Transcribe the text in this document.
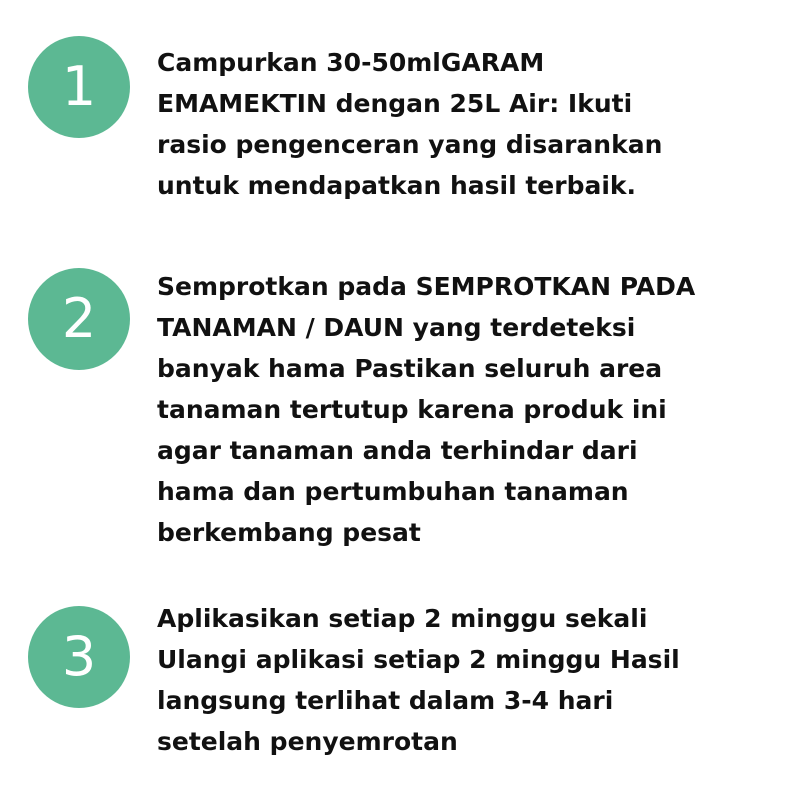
1 Campurkan 30-50mlGARAM
EMAMEKTIN dengan 25L Air: Ikuti
rasio pengenceran yang disarankan
untuk mendapatkan hasil terbaik.

2

Semprotkan pada SEMPROTKAN PADA
TANAMAN / DAUN yang terdeteksi
banyak hama Pastikan seluruh area
tanaman tertutup karena produk ini
agar tanaman anda terhindar dari
hama dan pertumbuhan tanaman
berkembang pesat

3

Aplikasikan setiap 2 minggu sekali
Ulangi aplikasi setiap 2 minggu Hasil
langsung terlihat dalam 3-4 hari
setelah penyemrotan
